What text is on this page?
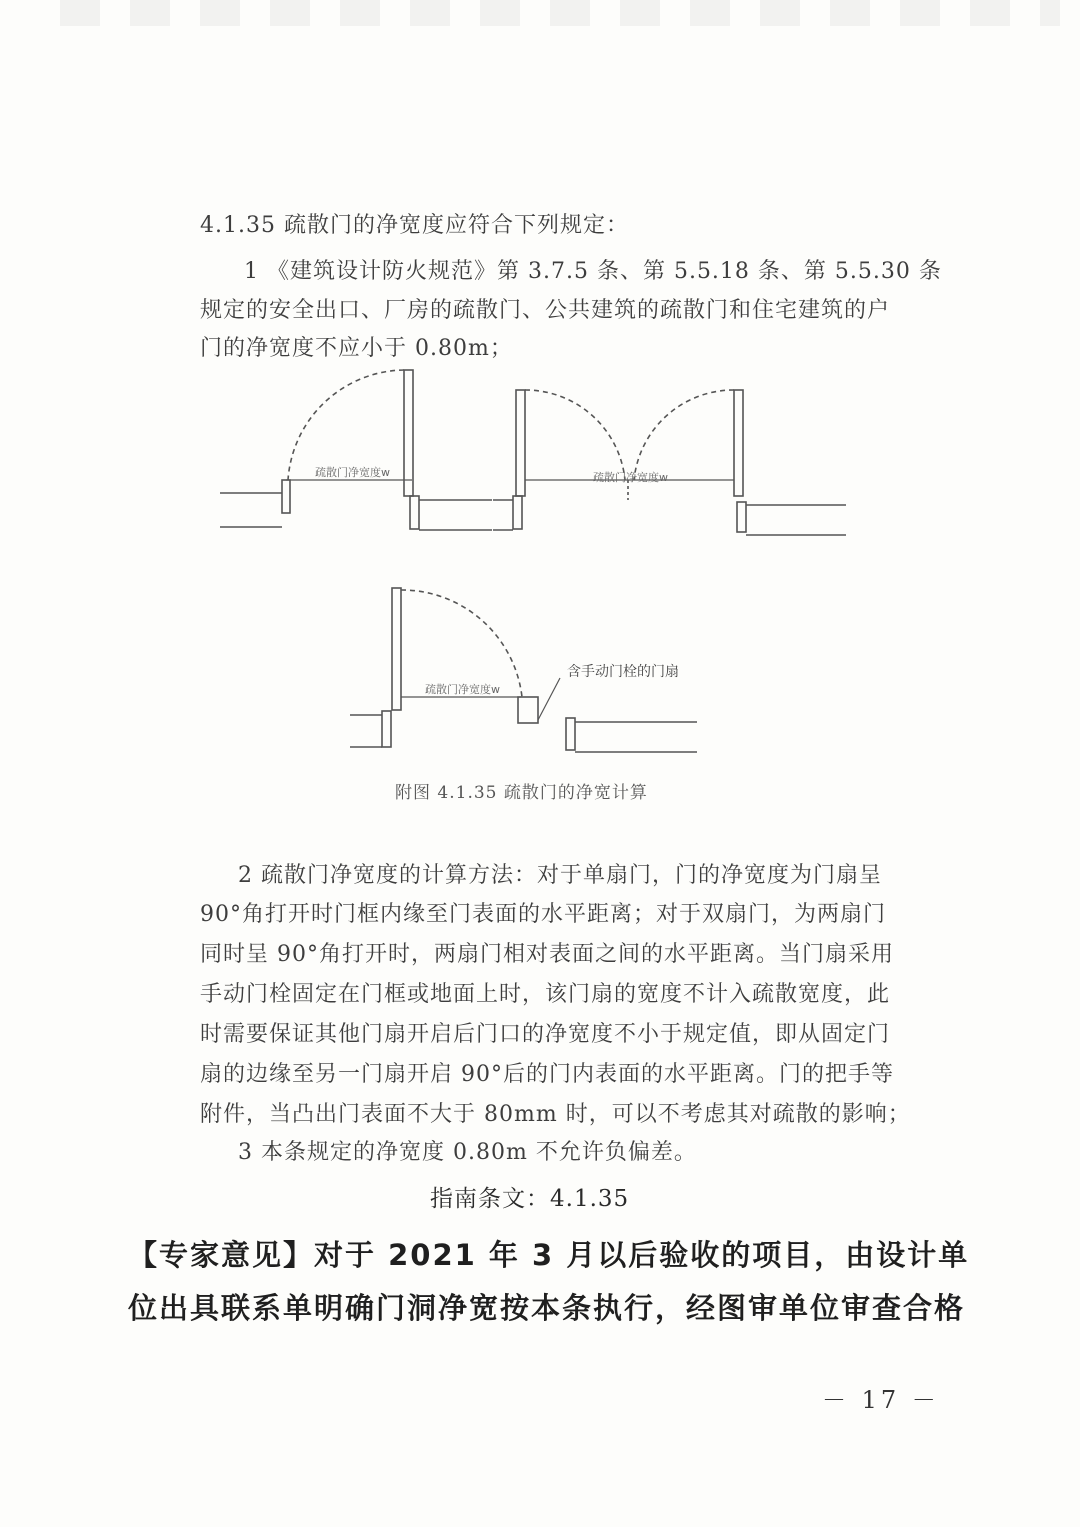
4.1.35 疏散门的净宽度应符合下列规定：
1 《建筑设计防火规范》第 3.7.5 条、第 5.5.18 条、第 5.5.30 条
规定的安全出口、厂房的疏散门、公共建筑的疏散门和住宅建筑的户
门的净宽度不应小于 0.80m；
疏散门净宽度w	疏散门净宽度w
疏散门净宽度w
含手动门栓的门扇
附图 4.1.35 疏散门的净宽计算
2 疏散门净宽度的计算方法：对于单扇门，门的净宽度为门扇呈
90°角打开时门框内缘至门表面的水平距离；对于双扇门，为两扇门
同时呈 90°角打开时，两扇门相对表面之间的水平距离。当门扇采用
手动门栓固定在门框或地面上时，该门扇的宽度不计入疏散宽度，此
时需要保证其他门扇开启后门口的净宽度不小于规定值，即从固定门
扇的边缘至另一门扇开启 90°后的门内表面的水平距离。门的把手等
附件，当凸出门表面不大于 80mm 时，可以不考虑其对疏散的影响；
3 本条规定的净宽度 0.80m 不允许负偏差。
指南条文：4.1.35
【专家意见】对于 2021 年 3 月以后验收的项目，由设计单
位出具联系单明确门洞净宽按本条执行，经图审单位审查合格
－ 17 －
